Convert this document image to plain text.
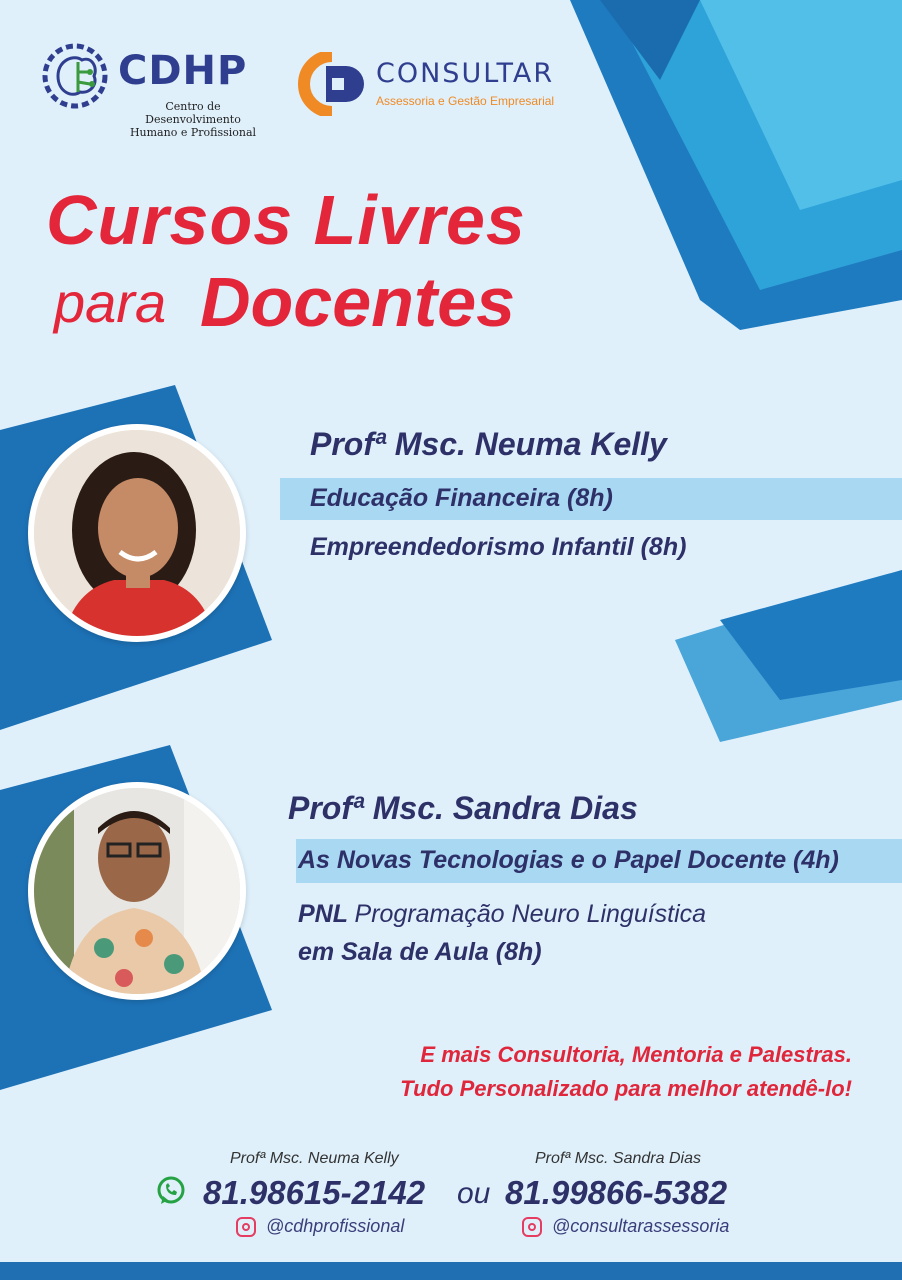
CDHP
Centro de Desenvolvimento
Humano e Profissional
CONSULTAR
Assessoria e Gestão Empresarial
Cursos Livres
para Docentes
Profª Msc. Neuma Kelly
Educação Financeira (8h)
Empreendedorismo Infantil (8h)
Profª Msc. Sandra Dias
As Novas Tecnologias e o Papel Docente (4h)
PNL Programação Neuro Linguística
em Sala de Aula (8h)
E mais Consultoria, Mentoria e Palestras.
Tudo Personalizado para melhor atendê-lo!
Profª Msc. Neuma Kelly	Profª Msc. Sandra Dias
81.98615-2142 ou 81.99866-5382
@cdhprofissional	@consultarassessoria
